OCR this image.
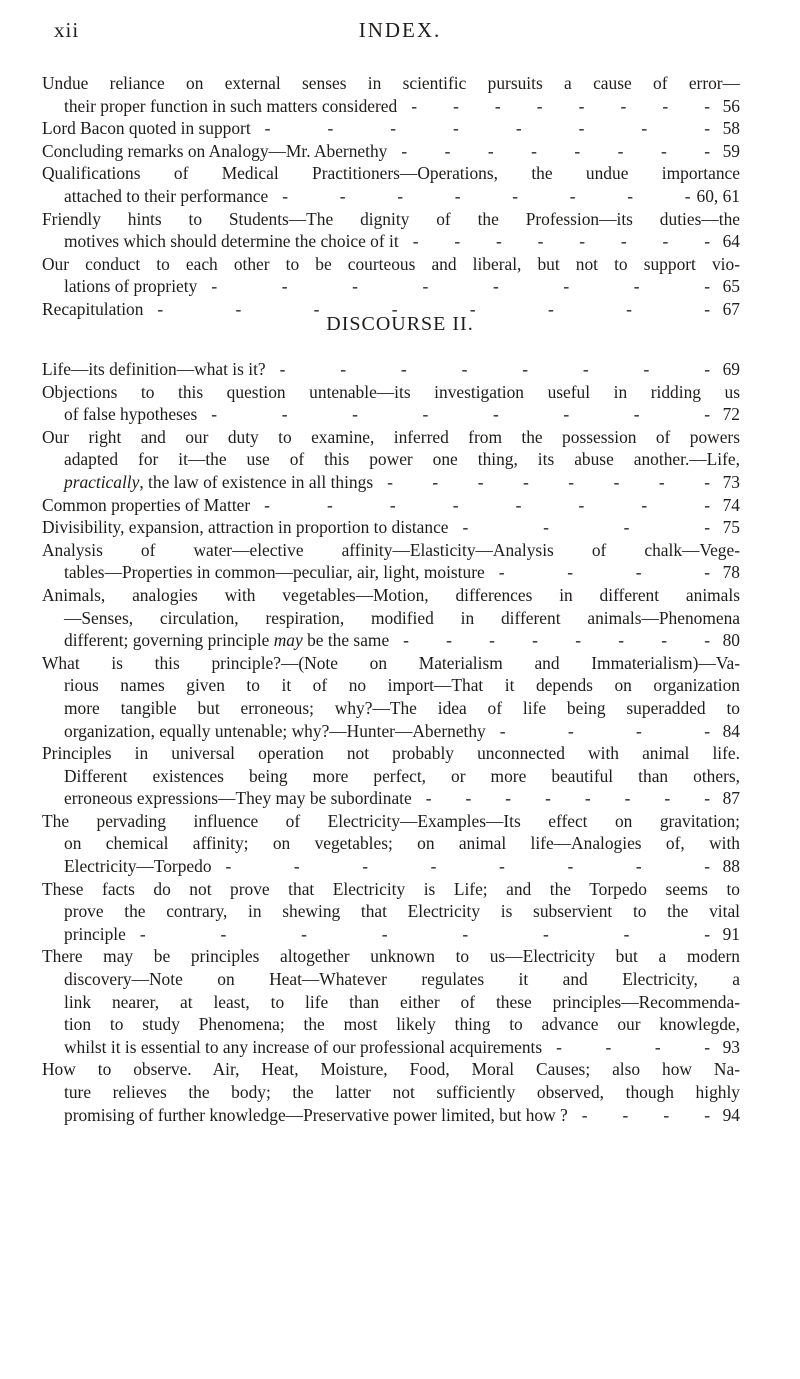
xii	INDEX.
Undue reliance on external senses in scientific pursuits a cause of error—
their proper function in such matters considered - - - - - - - - 56
Lord Bacon quoted in support - - - - - - - - 58
Concluding remarks on Analogy—Mr. Abernethy - - - - - - - - 59
Qualifications of Medical Practitioners—Operations, the undue importance
attached to their performance - - - - - - - - 60, 61
Friendly hints to Students—The dignity of the Profession—its duties—the
motives which should determine the choice of it - - - - - - - - 64
Our conduct to each other to be courteous and liberal, but not to support vio-
lations of propriety - - - - - - - - 65
Recapitulation - - - - - - - - 67
DISCOURSE II.
Life—its definition—what is it? - - - - - - - - 69
Objections to this question untenable—its investigation useful in ridding us
of false hypotheses - - - - - - - - 72
Our right and our duty to examine, inferred from the possession of powers
adapted for it—the use of this power one thing, its abuse another.—Life,
practically, the law of existence in all things - - - - - - - - 73
Common properties of Matter - - - - - - - - 74
Divisibility, expansion, attraction in proportion to distance - - - - 75
Analysis of water—elective affinity—Elasticity—Analysis of chalk—Vege-
tables—Properties in common—peculiar, air, light, moisture - - - - 78
Animals, analogies with vegetables—Motion, differences in different animals
—Senses, circulation, respiration, modified in different animals—Phenomena
different; governing principle may be the same - - - - - - - - 80
What is this principle?—(Note on Materialism and Immaterialism)—Va-
rious names given to it of no import—That it depends on organization
more tangible but erroneous; why?—The idea of life being superadded to
organization, equally untenable; why?—Hunter—Abernethy - - - - 84
Principles in universal operation not probably unconnected with animal life.
Different existences being more perfect, or more beautiful than others,
erroneous expressions—They may be subordinate - - - - - - - - 87
The pervading influence of Electricity—Examples—Its effect on gravitation;
on chemical affinity; on vegetables; on animal life—Analogies of, with
Electricity—Torpedo - - - - - - - - 88
These facts do not prove that Electricity is Life; and the Torpedo seems to
prove the contrary, in shewing that Electricity is subservient to the vital
principle - - - - - - - - 91
There may be principles altogether unknown to us—Electricity but a modern
discovery—Note on Heat—Whatever regulates it and Electricity, a
link nearer, at least, to life than either of these principles—Recommenda-
tion to study Phenomena; the most likely thing to advance our knowlegde,
whilst it is essential to any increase of our professional acquirements - - - - 93
How to observe. Air, Heat, Moisture, Food, Moral Causes; also how Na-
ture relieves the body; the latter not sufficiently observed, though highly
promising of further knowledge—Preservative power limited, but how ? - - - - 94
